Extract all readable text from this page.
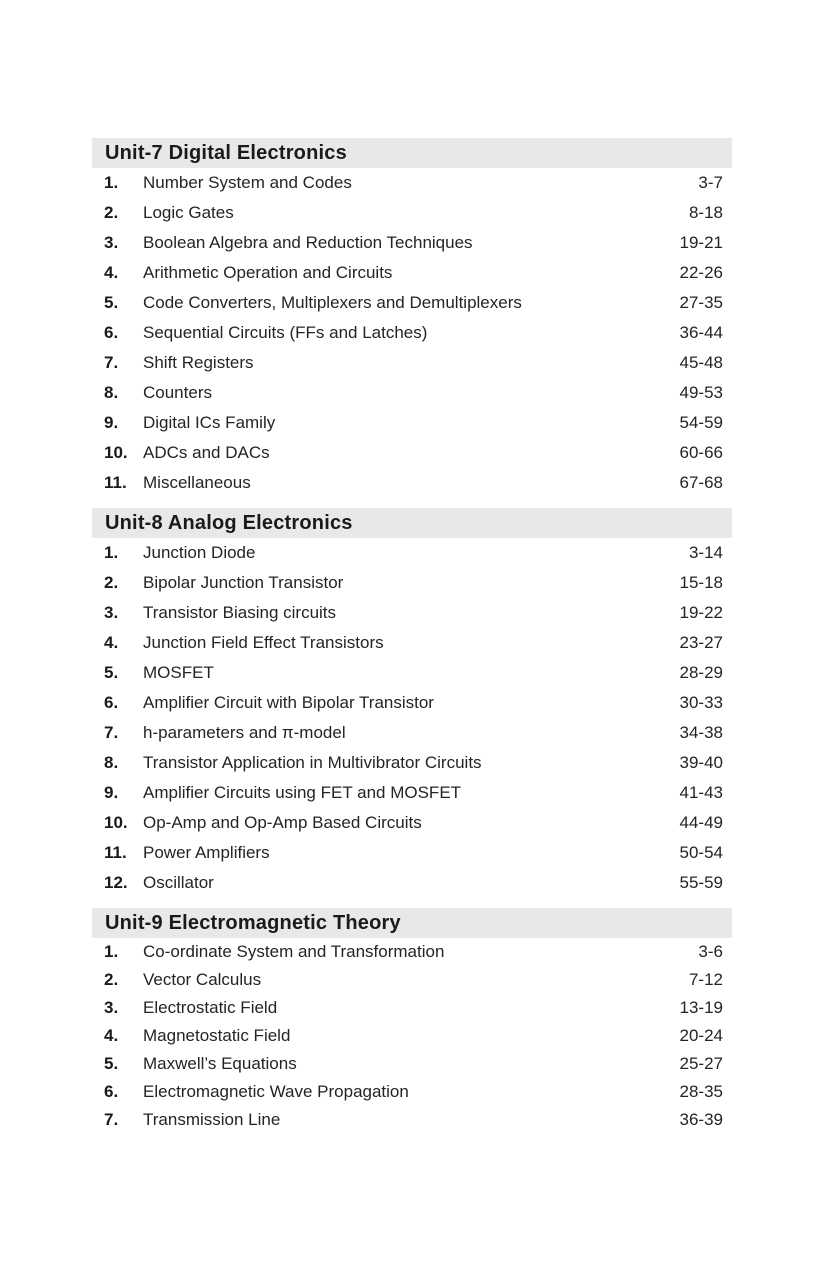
Unit-7 Digital Electronics
1.	Number System and Codes	3-7
2.	Logic Gates	8-18
3.	Boolean Algebra and Reduction Techniques	19-21
4.	Arithmetic Operation and Circuits	22-26
5.	Code Converters, Multiplexers and Demultiplexers	27-35
6.	Sequential Circuits (FFs and Latches)	36-44
7.	Shift Registers	45-48
8.	Counters	49-53
9.	Digital ICs Family	54-59
10. ADCs and DACs	60-66
11. Miscellaneous	67-68
Unit-8 Analog Electronics
1.	Junction Diode	3-14
2.	Bipolar Junction Transistor	15-18
3.	Transistor Biasing circuits	19-22
4.	Junction Field Effect Transistors	23-27
5.	MOSFET	28-29
6.	Amplifier Circuit with Bipolar Transistor	30-33
7.	h-parameters and π-model	34-38
8.	Transistor Application in Multivibrator Circuits	39-40
9.	Amplifier Circuits using FET and MOSFET	41-43
10. Op-Amp and Op-Amp Based Circuits	44-49
11. Power Amplifiers	50-54
12. Oscillator	55-59
Unit-9 Electromagnetic Theory
1.	Co-ordinate System and Transformation	3-6
2.	Vector Calculus	7-12
3.	Electrostatic Field	13-19
4.	Magnetostatic Field	20-24
5.	Maxwell’s Equations	25-27
6.	Electromagnetic Wave Propagation	28-35
7.	Transmission Line	36-39
